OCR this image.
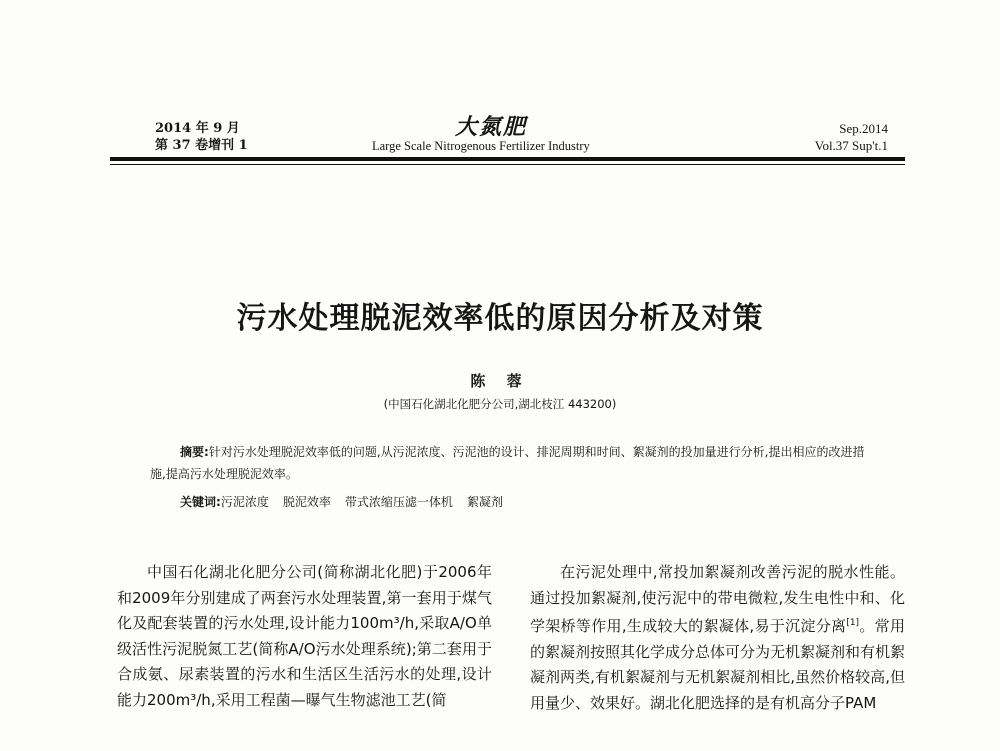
2014 年 9 月
第 37 卷增刊 1
大氮肥
Large Scale Nitrogenous Fertilizer Industry
Sep.2014
Vol.37 Sup't.1
污水处理脱泥效率低的原因分析及对策
陈 蓉
(中国石化湖北化肥分公司,湖北枝江 443200)
摘要:针对污水处理脱泥效率低的问题,从污泥浓度、污泥池的设计、排泥周期和时间、絮凝剂的投加量进行分析,提出相应的改进措施,提高污水处理脱泥效率。
关键词:污泥浓度 脱泥效率 带式浓缩压滤一体机 絮凝剂

中国石化湖北化肥分公司(简称湖北化肥)于2006年和2009年分别建成了两套污水处理装置,第一套用于煤气化及配套装置的污水处理,设计能力100m³/h,采取A/O单级活性污泥脱氮工艺(简称A/O污水处理系统);第二套用于合成氨、尿素装置的污水和生活区生活污水的处理,设计能力200m³/h,采用工程菌—曝气生物滤池工艺(简

在污泥处理中,常投加絮凝剂改善污泥的脱水性能。通过投加絮凝剂,使污泥中的带电微粒,发生电性中和、化学架桥等作用,生成较大的絮凝体,易于沉淀分离[1]。常用的絮凝剂按照其化学成分总体可分为无机絮凝剂和有机絮凝剂两类,有机絮凝剂与无机絮凝剂相比,虽然价格较高,但用量少、效果好。湖北化肥选择的是有机高分子PAM
